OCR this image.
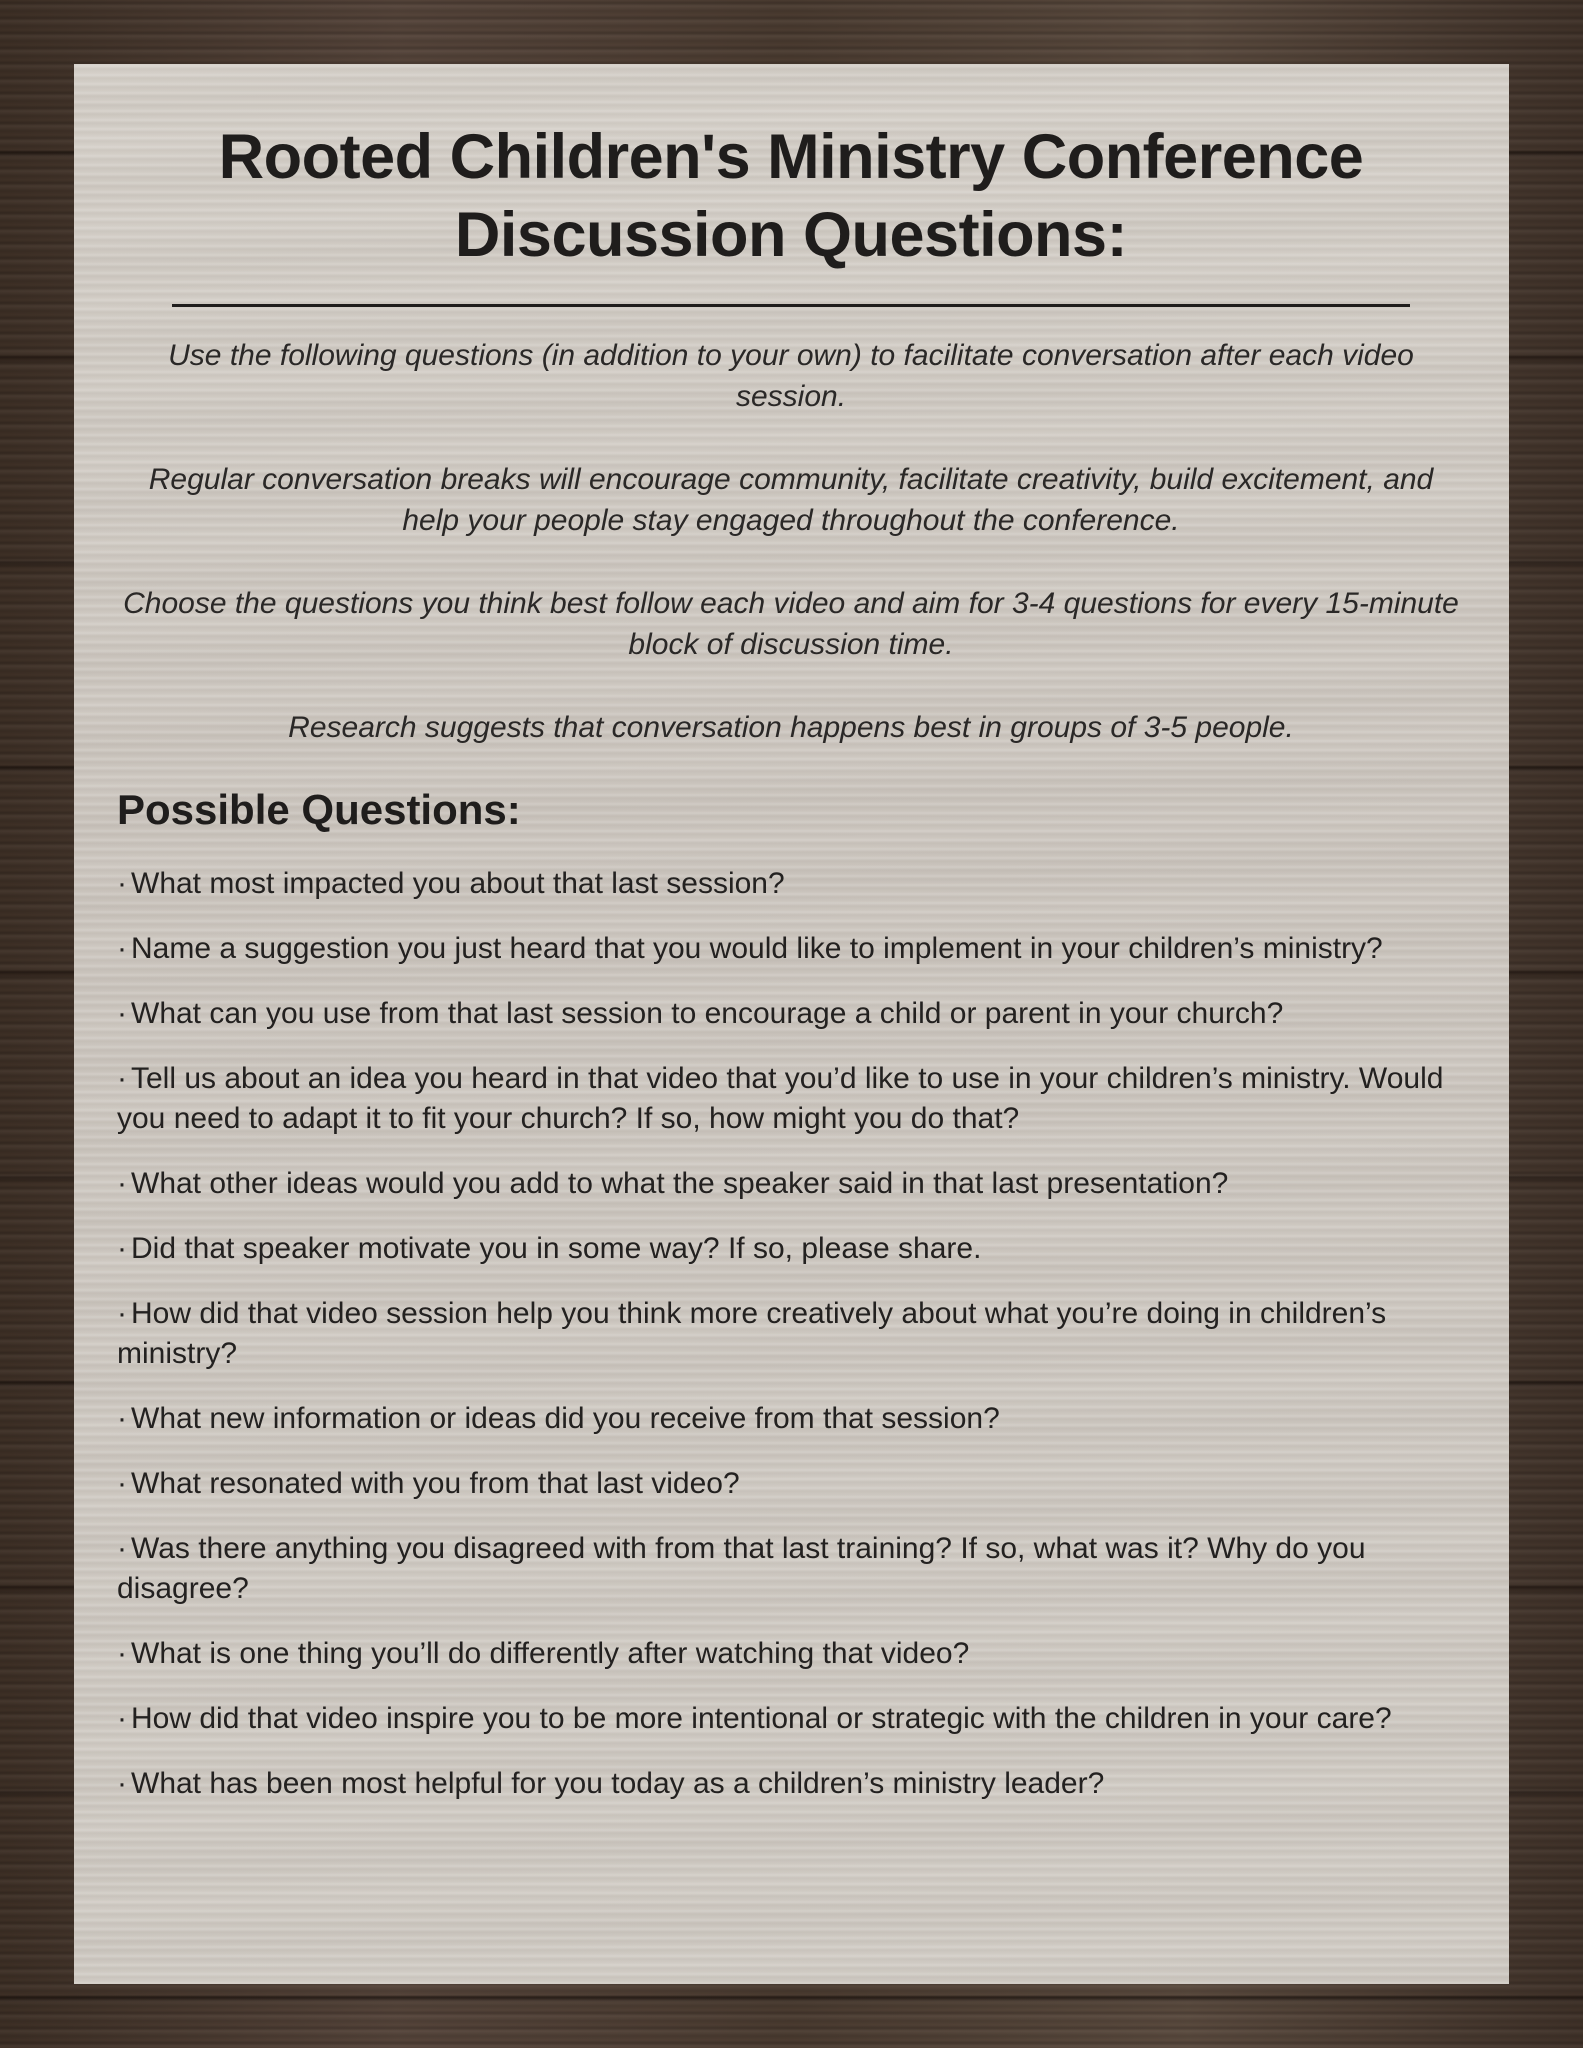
Rooted Children's Ministry Conference
Discussion Questions:

Use the following questions (in addition to your own) to facilitate conversation after each video session.

Regular conversation breaks will encourage community, facilitate creativity, build excitement, and help your people stay engaged throughout the conference.

Choose the questions you think best follow each video and aim for 3-4 questions for every 15-minute block of discussion time.

Research suggests that conversation happens best in groups of 3-5 people.

Possible Questions:
· What most impacted you about that last session?
· Name a suggestion you just heard that you would like to implement in your children’s ministry?
· What can you use from that last session to encourage a child or parent in your church?
· Tell us about an idea you heard in that video that you’d like to use in your children’s ministry. Would you need to adapt it to fit your church? If so, how might you do that?
· What other ideas would you add to what the speaker said in that last presentation?
· Did that speaker motivate you in some way? If so, please share.
· How did that video session help you think more creatively about what you’re doing in children’s ministry?
· What new information or ideas did you receive from that session?
· What resonated with you from that last video?
· Was there anything you disagreed with from that last training? If so, what was it? Why do you disagree?
· What is one thing you’ll do differently after watching that video?
· How did that video inspire you to be more intentional or strategic with the children in your care?
· What has been most helpful for you today as a children’s ministry leader?
